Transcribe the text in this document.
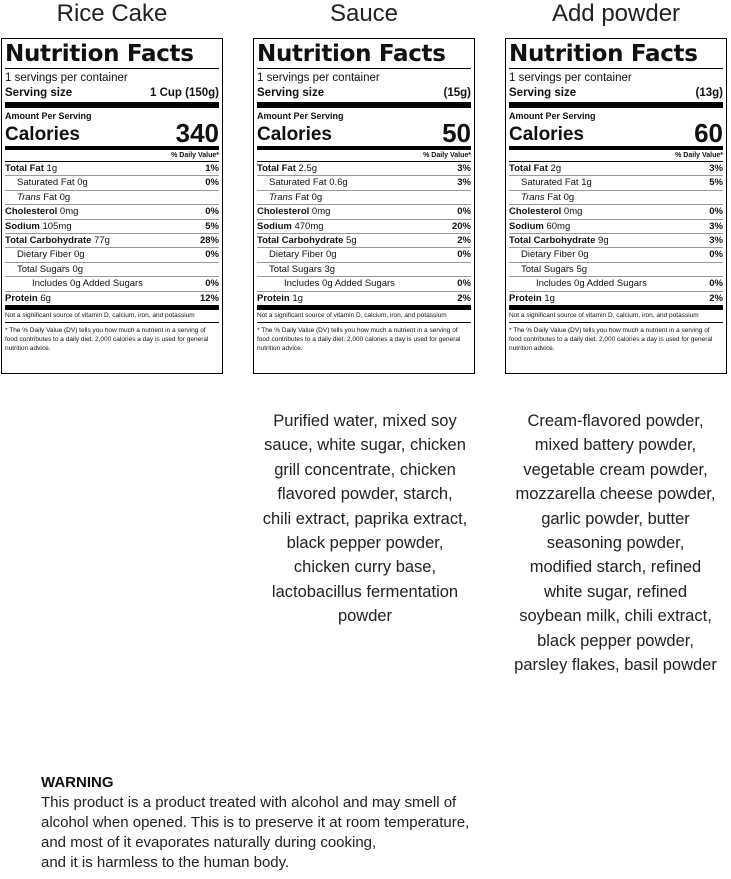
Rice Cake
Nutrition Facts
1 servings per container
Serving size	1 Cup (150g)
Amount Per Serving
Calories	340
% Daily Value*
Total Fat 1g	1%
Saturated Fat 0g	0%
Trans Fat 0g
Cholesterol 0mg	0%
Sodium 105mg	5%
Total Carbohydrate 77g	28%
Dietary Fiber 0g	0%
Total Sugars 0g
Includes 0g Added Sugars	0%
Protein 6g	12%
Not a significant source of vitamin D, calcium, iron, and potassium
* The % Daily Value (DV) tells you how much a nutrient in a serving of food contributes to a daily diet. 2,000 calories a day is used for general nutrition advice.
Sauce
Nutrition Facts
1 servings per container
Serving size	(15g)
Amount Per Serving
Calories	50
% Daily Value*
Total Fat 2.5g	3%
Saturated Fat 0.6g	3%
Trans Fat 0g
Cholesterol 0mg	0%
Sodium 470mg	20%
Total Carbohydrate 5g	2%
Dietary Fiber 0g	0%
Total Sugars 3g
Includes 0g Added Sugars	0%
Protein 1g	2%
Not a significant source of vitamin D, calcium, iron, and potassium
* The % Daily Value (DV) tells you how much a nutrient in a serving of food contributes to a daily diet. 2,000 calories a day is used for general nutrition advice.
Add powder
Nutrition Facts
1 servings per container
Serving size	(13g)
Amount Per Serving
Calories	60
% Daily Value*
Total Fat 2g	3%
Saturated Fat 1g	5%
Trans Fat 0g
Cholesterol 0mg	0%
Sodium 60mg	3%
Total Carbohydrate 9g	3%
Dietary Fiber 0g	0%
Total Sugars 5g
Includes 0g Added Sugars	0%
Protein 1g	2%
Not a significant source of vitamin D, calcium, iron, and potassium
* The % Daily Value (DV) tells you how much a nutrient in a serving of food contributes to a daily diet. 2,000 calories a day is used for general nutrition advice.
Purified water, mixed soy
sauce, white sugar, chicken
grill concentrate, chicken
flavored powder, starch,
chili extract, paprika extract,
black pepper powder,
chicken curry base,
lactobacillus fermentation
powder
Cream-flavored powder,
mixed battery powder,
vegetable cream powder,
mozzarella cheese powder,
garlic powder, butter
seasoning powder,
modified starch, refined
white sugar, refined
soybean milk, chili extract,
black pepper powder,
parsley flakes, basil powder
WARNING
This product is a product treated with alcohol and may smell of
alcohol when opened. This is to preserve it at room temperature,
and most of it evaporates naturally during cooking,
and it is harmless to the human body.
